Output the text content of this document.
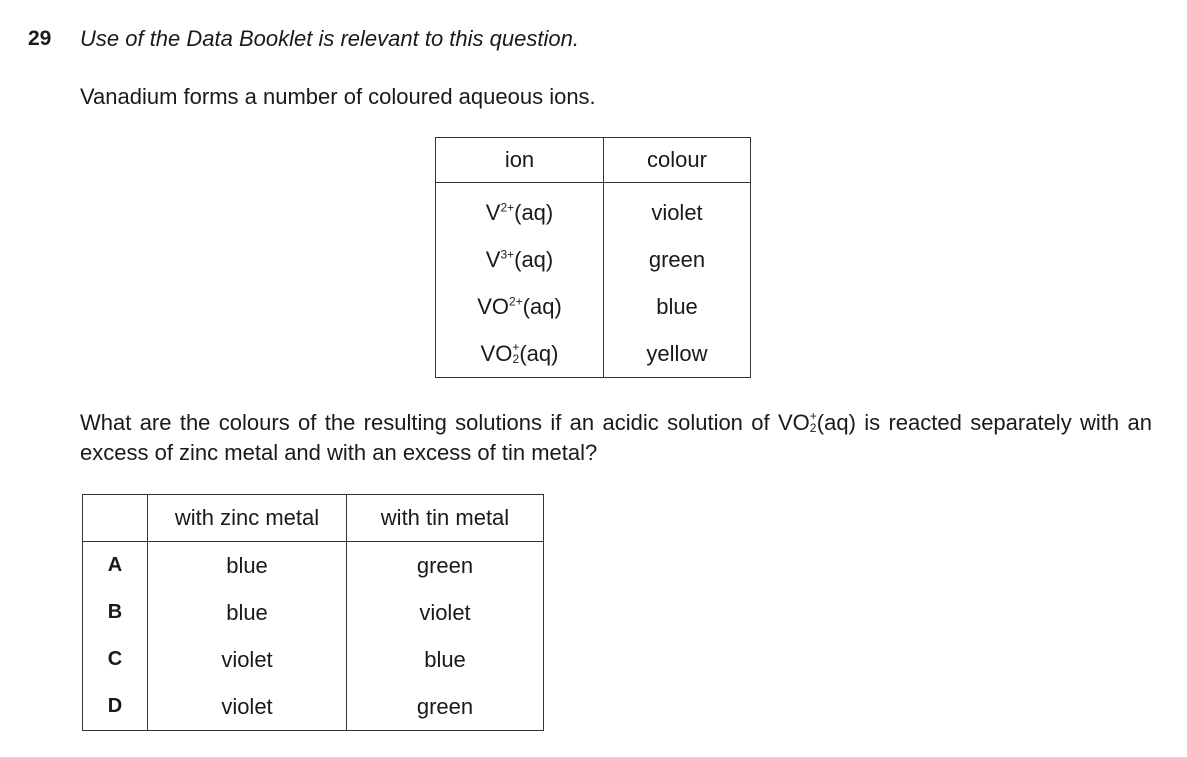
29 Use of the Data Booklet is relevant to this question.
Vanadium forms a number of coloured aqueous ions.
ion	colour
$V^{2+}(aq)$	violet
$V^{3+}(aq)$	green
$VO^{2+}(aq)$	blue
VO +
2 (aq)	yellow
What are the colours of the resulting solutions if an acidic solution of VO +
2 (aq) is reacted separately with an excess of zinc metal and with an excess of tin metal?
	with zinc metal	with tin metal
A	blue	green
B	blue	violet
C	violet	blue
D	violet	green
